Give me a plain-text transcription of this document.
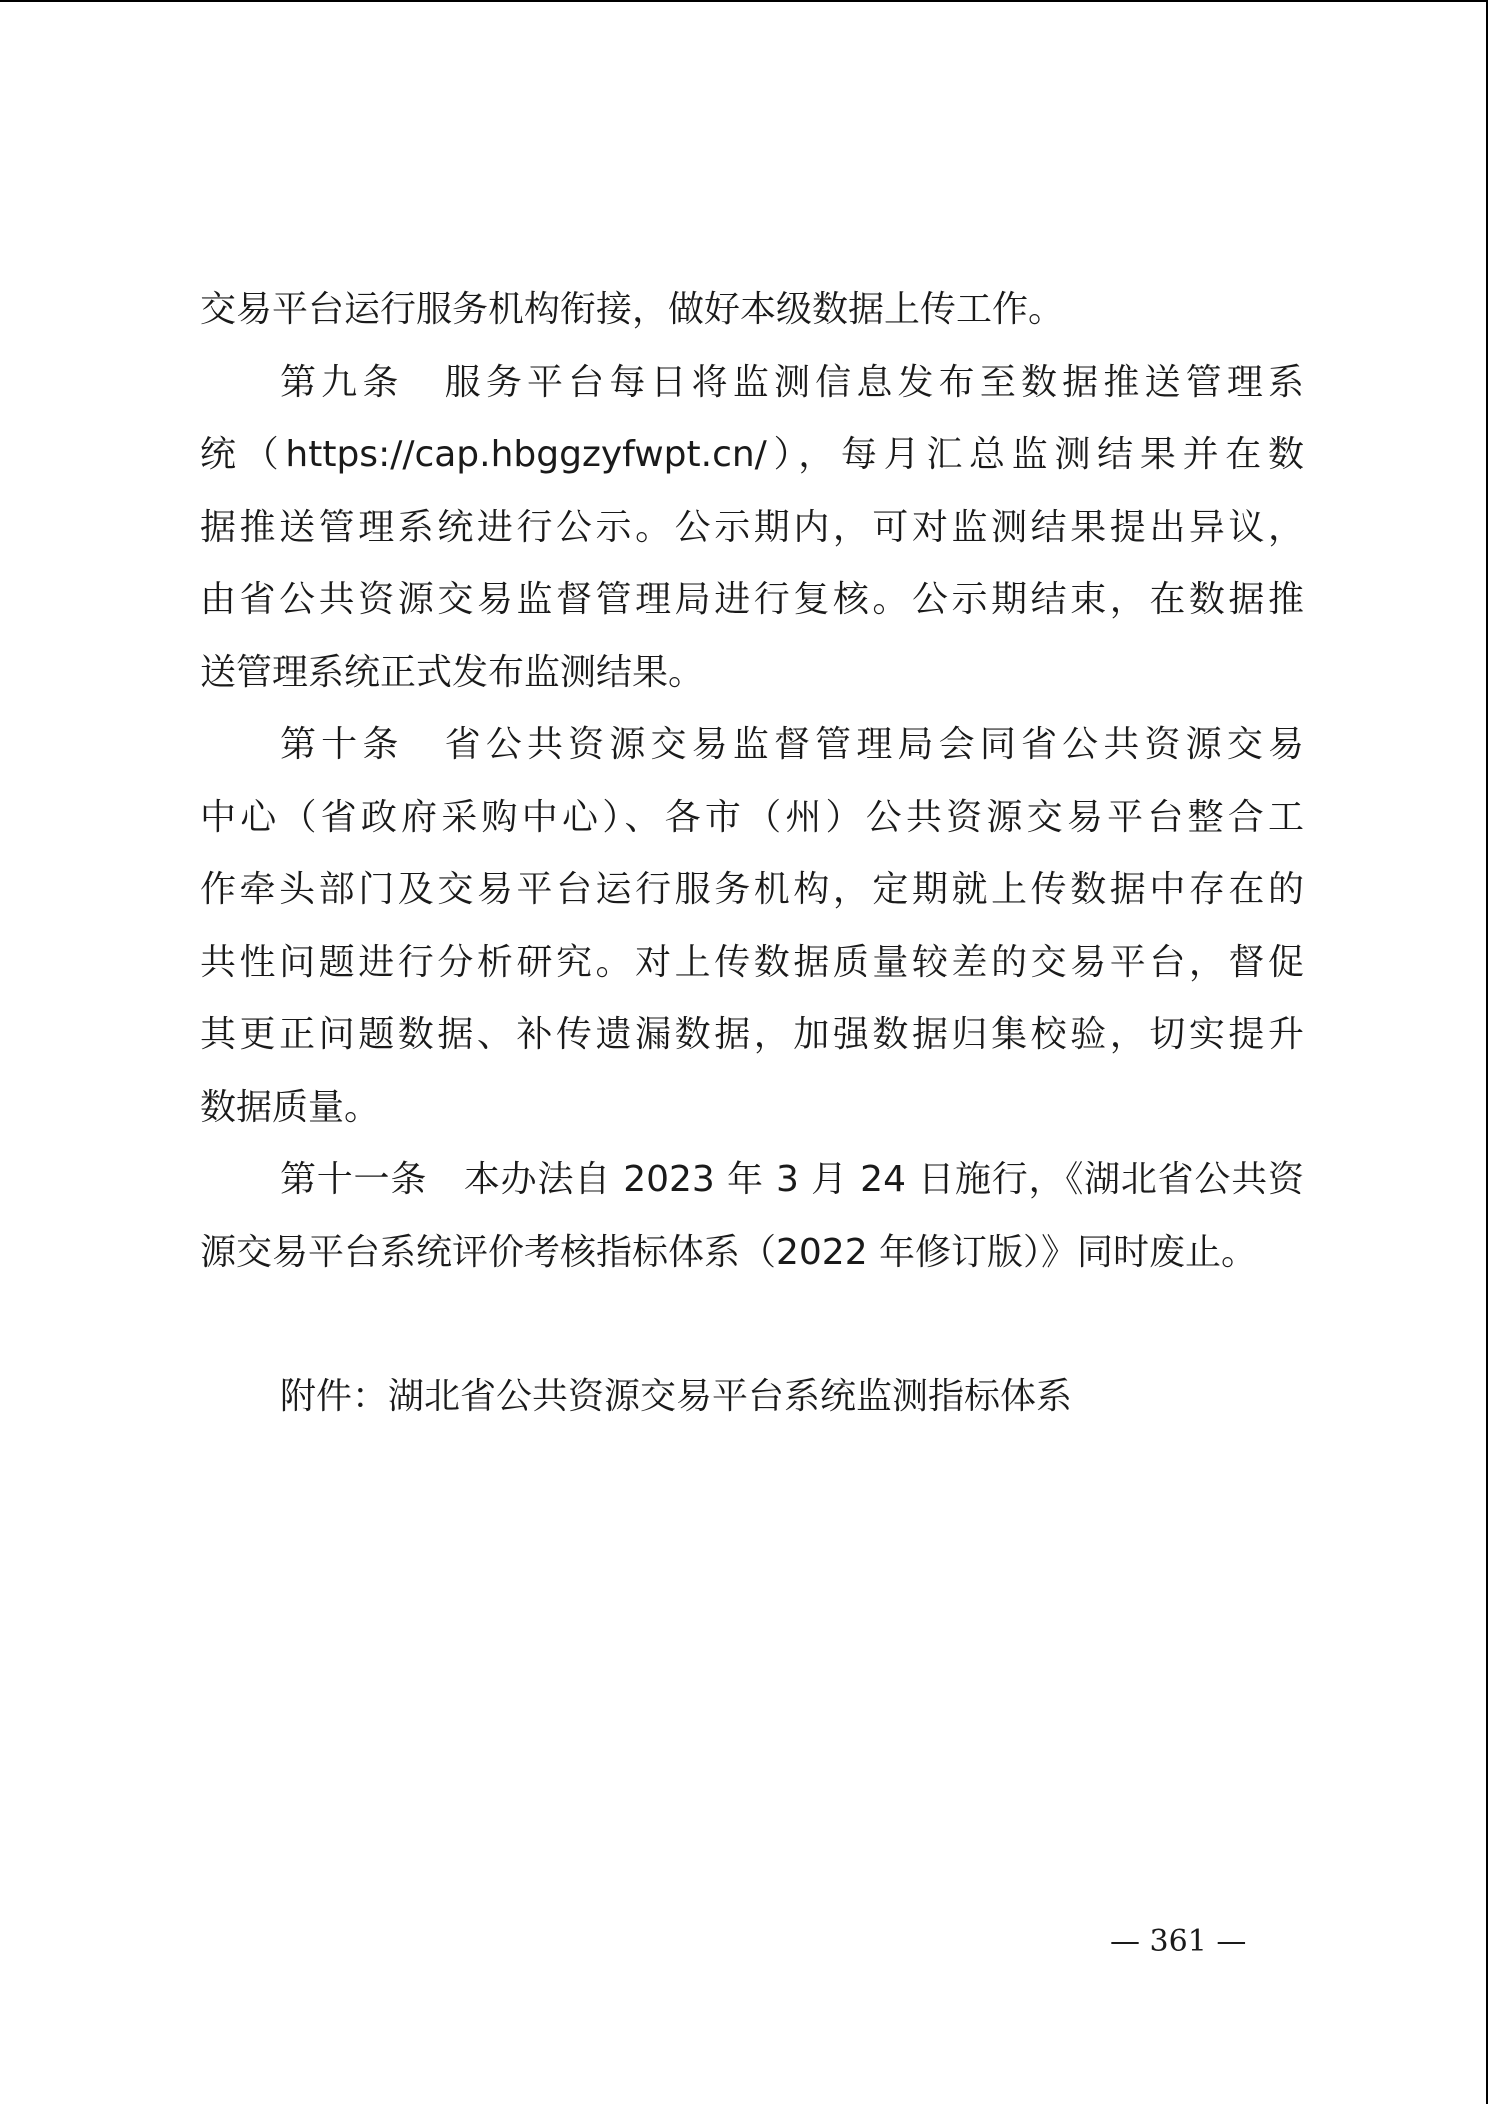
交易平台运行服务机构衔接，做好本级数据上传工作。
第九条　服务平台每日将监测信息发布至数据推送管理系
统（https://cap.hbggzyfwpt.cn/），每月汇总监测结果并在数
据推送管理系统进行公示。公示期内，可对监测结果提出异议，
由省公共资源交易监督管理局进行复核。公示期结束，在数据推
送管理系统正式发布监测结果。
第十条　省公共资源交易监督管理局会同省公共资源交易
中心（省政府采购中心）、各市（州）公共资源交易平台整合工
作牵头部门及交易平台运行服务机构，定期就上传数据中存在的
共性问题进行分析研究。对上传数据质量较差的交易平台，督促
其更正问题数据、补传遗漏数据，加强数据归集校验，切实提升
数据质量。
第十一条　本办法自 2023 年 3 月 24 日施行，《湖北省公共资
源交易平台系统评价考核指标体系（2022 年修订版）》同时废止。
附件：湖北省公共资源交易平台系统监测指标体系
— 361 —
